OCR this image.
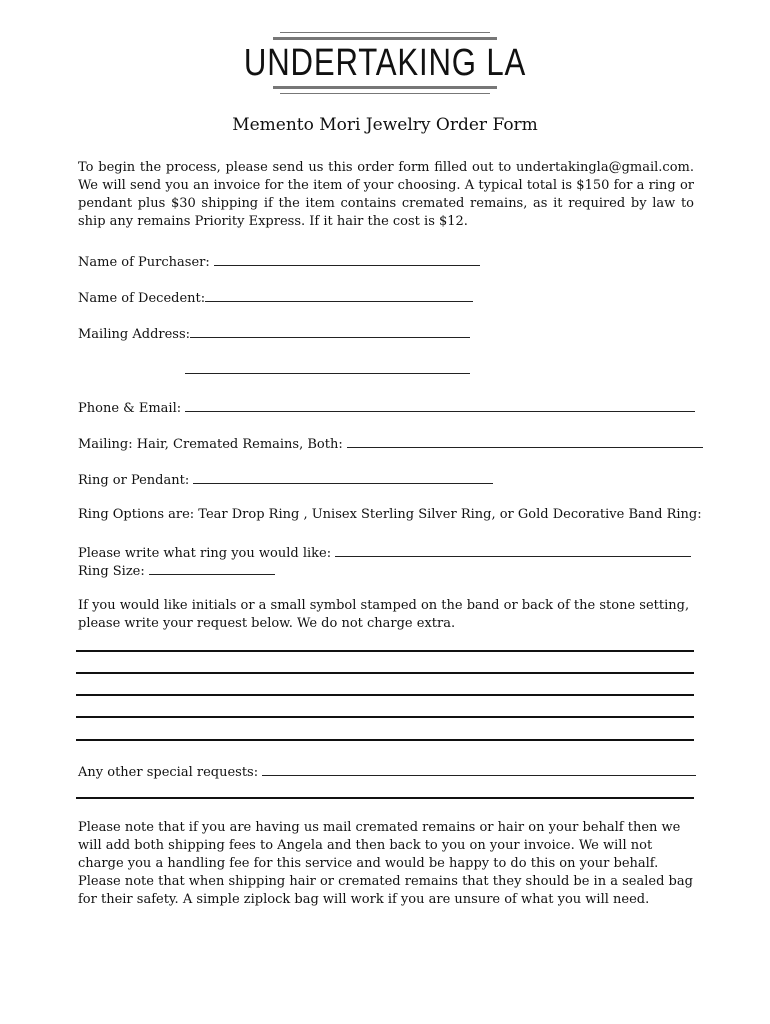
UNDERTAKING LA
Memento Mori Jewelry Order Form
To begin the process, please send us this order form filled out to undertakingla@gmail.com. We will send you an invoice for the item of your choosing. A typical total is $150 for a ring or pendant plus $30 shipping if the item contains cremated remains, as it required by law to ship any remains Priority Express. If it hair the cost is $12.
Name of Purchaser:
Name of Decedent:
Mailing Address:
Phone & Email:
Mailing: Hair, Cremated Remains, Both:
Ring or Pendant:
Ring Options are: Tear Drop Ring , Unisex Sterling Silver Ring, or Gold Decorative Band Ring:
Please write what ring you would like:
Ring Size:
If you would like initials or a small symbol stamped on the band or back of the stone setting, please write your request below. We do not charge extra.
Any other special requests:
Please note that if you are having us mail cremated remains or hair on your behalf then we will add both shipping fees to Angela and then back to you on your invoice. We will not charge you a handling fee for this service and would be happy to do this on your behalf. Please note that when shipping hair or cremated remains that they should be in a sealed bag for their safety. A simple ziplock bag will work if you are unsure of what you will need.
